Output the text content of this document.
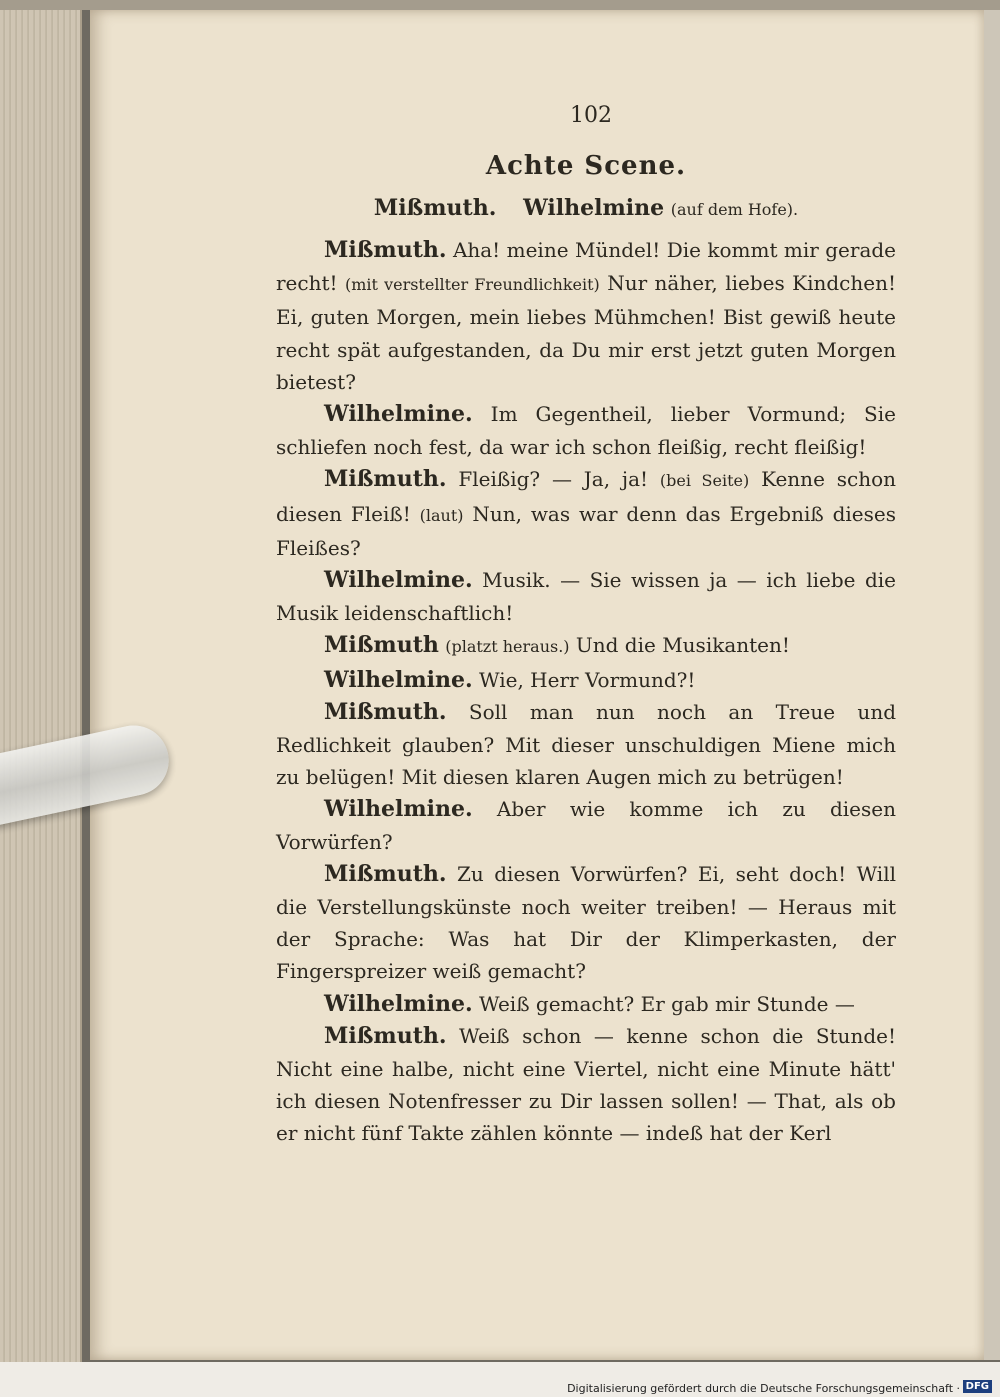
102
Achte Scene.
Mißmuth. Wilhelmine (auf dem Hofe).

Mißmuth. Aha! meine Mündel! Die kommt mir gerade recht! (mit verstellter Freundlichkeit) Nur näher, liebes Kindchen! Ei, guten Morgen, mein liebes Mühmchen! Bist gewiß heute recht spät aufgestanden, da Du mir erst jetzt guten Morgen bietest?

Wilhelmine. Im Gegentheil, lieber Vormund; Sie schliefen noch fest, da war ich schon fleißig, recht fleißig!

Mißmuth. Fleißig? — Ja, ja! (bei Seite) Kenne schon diesen Fleiß! (laut) Nun, was war denn das Ergebniß dieses Fleißes?

Wilhelmine. Musik. — Sie wissen ja — ich liebe die Musik leidenschaftlich!

Mißmuth (platzt heraus.) Und die Musikanten!

Wilhelmine. Wie, Herr Vormund?!

Mißmuth. Soll man nun noch an Treue und Redlichkeit glauben? Mit dieser unschuldigen Miene mich zu belügen! Mit diesen klaren Augen mich zu betrügen!

Wilhelmine. Aber wie komme ich zu diesen Vorwürfen?

Mißmuth. Zu diesen Vorwürfen? Ei, seht doch! Will die Verstellungskünste noch weiter treiben! — Heraus mit der Sprache: Was hat Dir der Klimperkasten, der Fingerspreizer weiß gemacht?

Wilhelmine. Weiß gemacht? Er gab mir Stunde —

Mißmuth. Weiß schon — kenne schon die Stunde! Nicht eine halbe, nicht eine Viertel, nicht eine Minute hätt' ich diesen Notenfresser zu Dir lassen sollen! — That, als ob er nicht fünf Takte zählen könnte — indeß hat der Kerl

Digitalisierung gefördert durch die Deutsche Forschungsgemeinschaft · DFG
